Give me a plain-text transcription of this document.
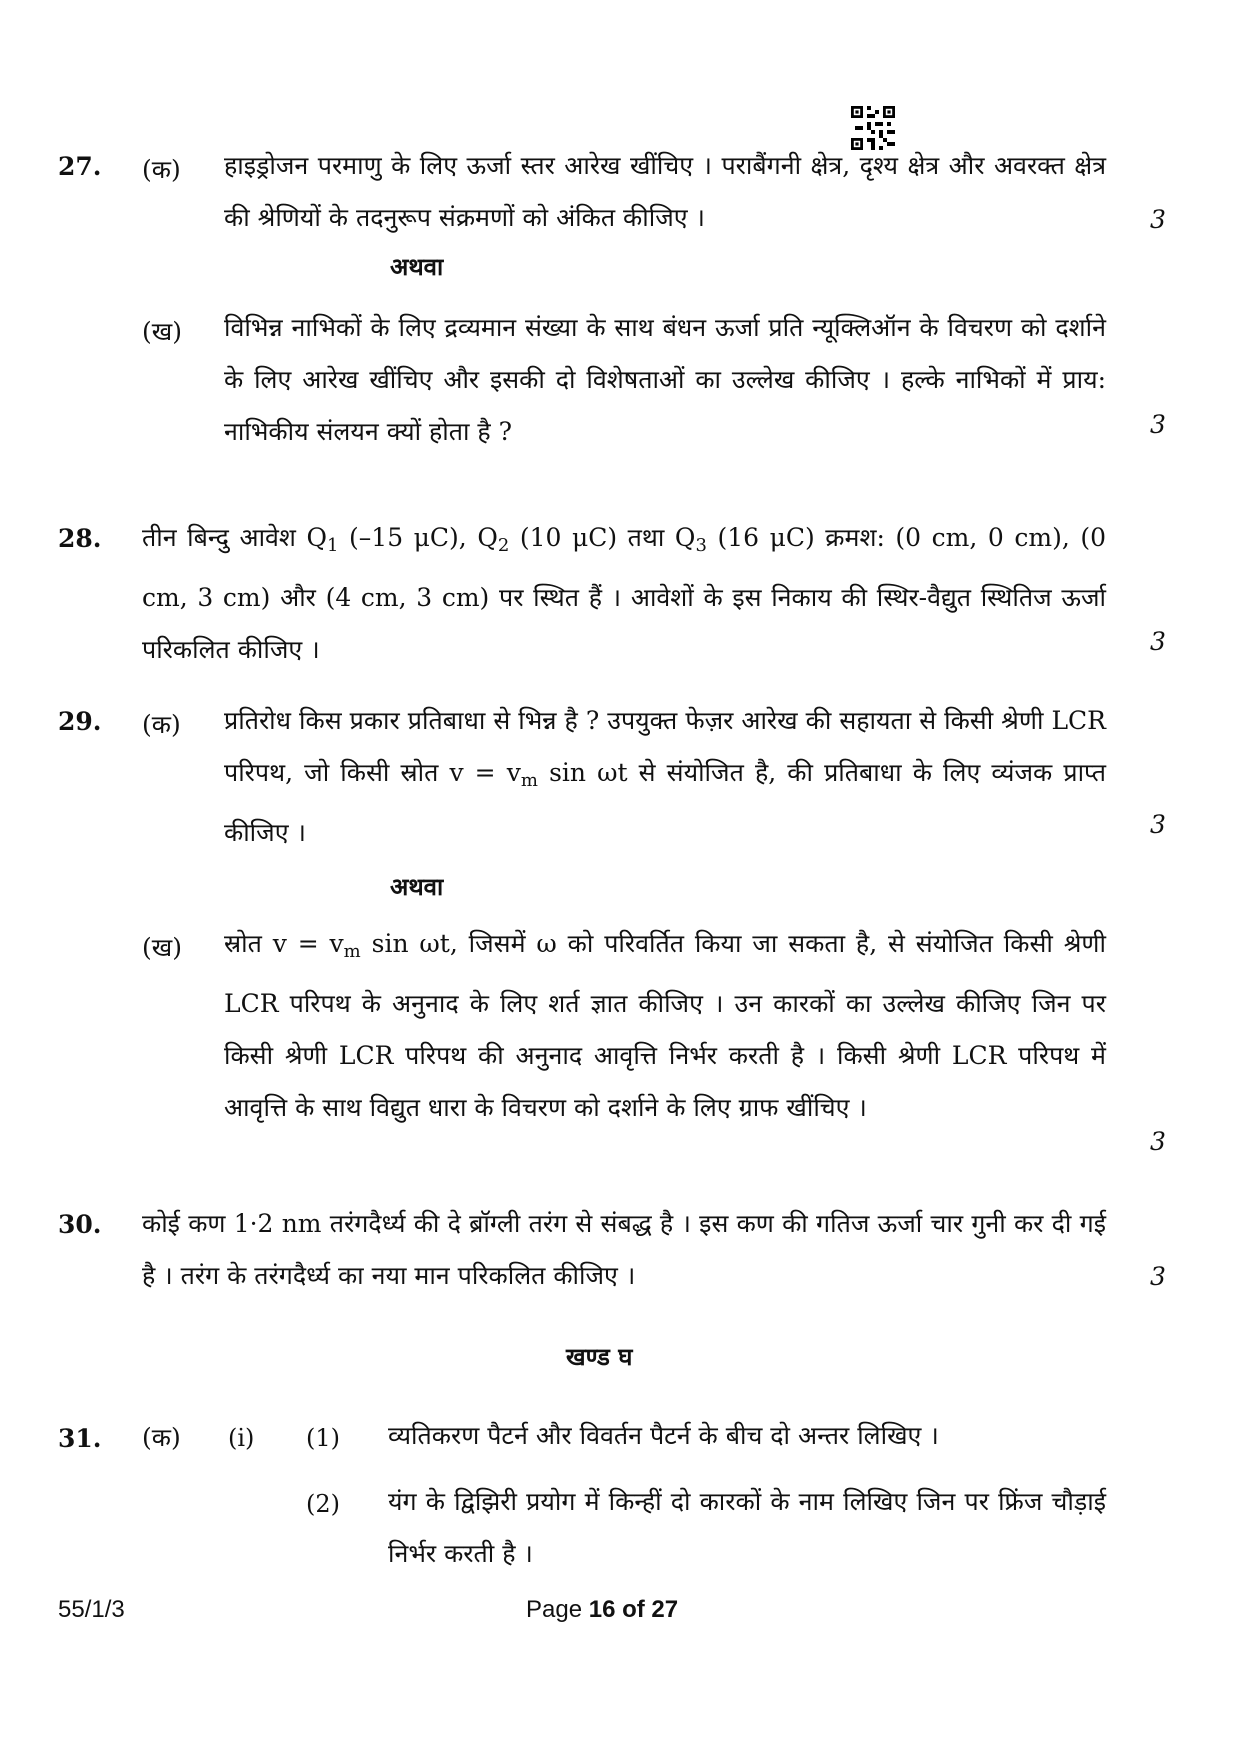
27. (क) हाइड्रोजन परमाणु के लिए ऊर्जा स्तर आरेख खींचिए । पराबैंगनी क्षेत्र, दृश्य क्षेत्र और अवरक्त क्षेत्र की श्रेणियों के तदनुरूप संक्रमणों को अंकित कीजिए ।	3
अथवा
(ख) विभिन्न नाभिकों के लिए द्रव्यमान संख्या के साथ बंधन ऊर्जा प्रति न्यूक्लिऑन के विचरण को दर्शाने के लिए आरेख खींचिए और इसकी दो विशेषताओं का उल्लेख कीजिए । हल्के नाभिकों में प्राय: नाभिकीय संलयन क्यों होता है ?	3
28. तीन बिन्दु आवेश $Q_1$ (–15 μC), $Q_2$ (10 μC) तथा $Q_3$ (16 μC) क्रमश: (0 cm, 0 cm), (0 cm, 3 cm) और (4 cm, 3 cm) पर स्थित हैं । आवेशों के इस निकाय की स्थिर-वैद्युत स्थितिज ऊर्जा परिकलित कीजिए ।	3
29. (क) प्रतिरोध किस प्रकार प्रतिबाधा से भिन्न है ? उपयुक्त फेज़र आरेख की सहायता से किसी श्रेणी LCR परिपथ, जो किसी स्रोत $v = v_m$ sin ωt से संयोजित है, की प्रतिबाधा के लिए व्यंजक प्राप्त कीजिए ।	3
अथवा
(ख) स्रोत $v = v_m$ sin ωt, जिसमें ω को परिवर्तित किया जा सकता है, से संयोजित किसी श्रेणी LCR परिपथ के अनुनाद के लिए शर्त ज्ञात कीजिए । उन कारकों का उल्लेख कीजिए जिन पर किसी श्रेणी LCR परिपथ की अनुनाद आवृत्ति निर्भर करती है । किसी श्रेणी LCR परिपथ में आवृत्ति के साथ विद्युत धारा के विचरण को दर्शाने के लिए ग्राफ खींचिए ।
3
30. कोई कण 1·2 nm तरंगदैर्ध्य की दे ब्रॉग्ली तरंग से संबद्ध है । इस कण की गतिज ऊर्जा चार गुनी कर दी गई है । तरंग के तरंगदैर्ध्य का नया मान परिकलित कीजिए ।	3
खण्ड घ
31. (क) (i) (1) व्यतिकरण पैटर्न और विवर्तन पैटर्न के बीच दो अन्तर लिखिए ।
(2) यंग के द्विझिरी प्रयोग में किन्हीं दो कारकों के नाम लिखिए जिन पर फ्रिंज चौड़ाई निर्भर करती है ।
55/1/3	Page 16 of 27
